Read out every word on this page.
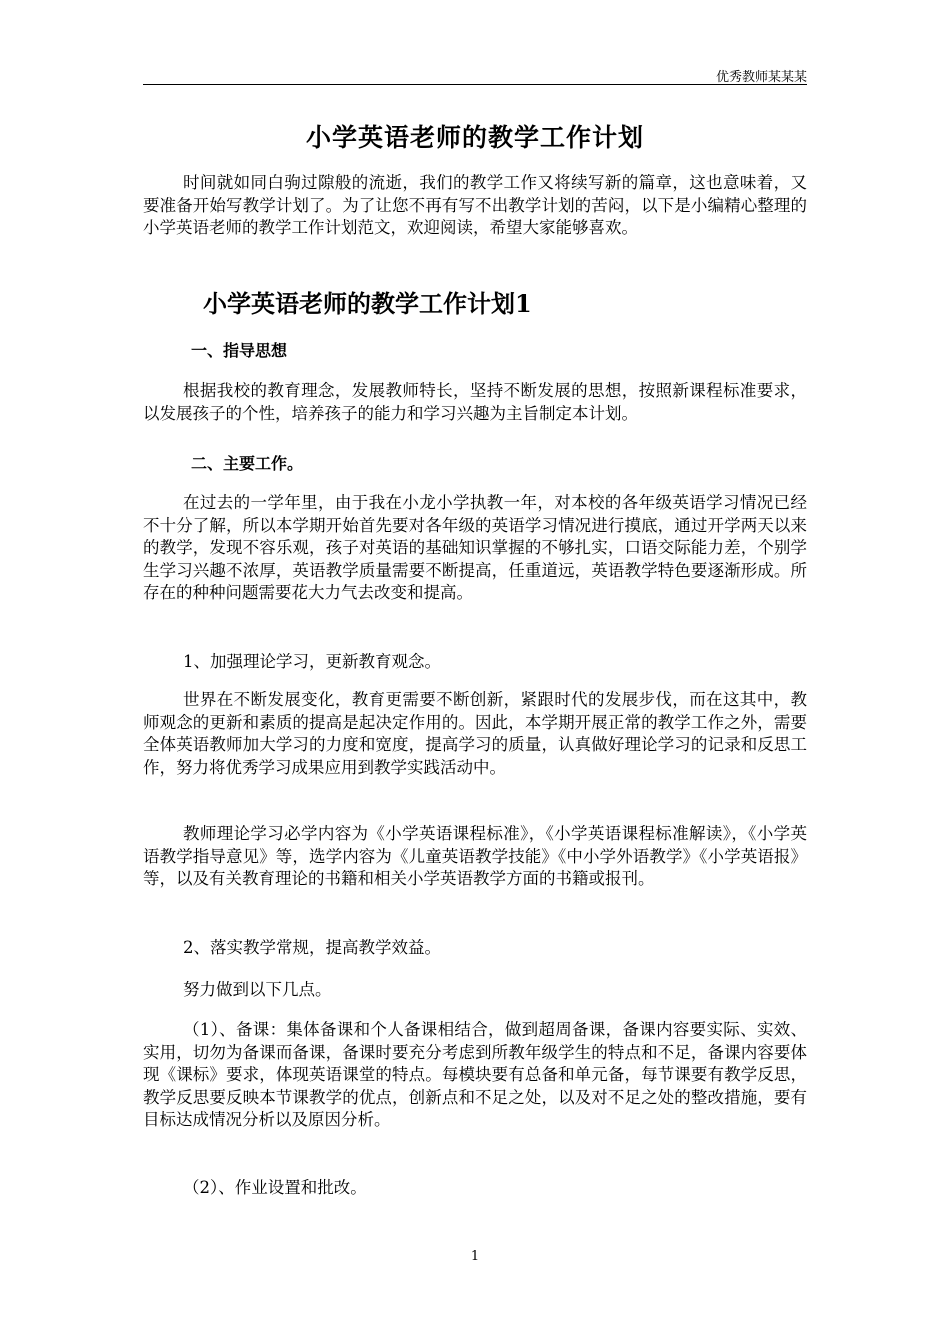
优秀教师某某某
小学英语老师的教学工作计划
时间就如同白驹过隙般的流逝，我们的教学工作又将续写新的篇章，这也意味着，又要准备开始写教学计划了。为了让您不再有写不出教学计划的苦闷，以下是小编精心整理的小学英语老师的教学工作计划范文，欢迎阅读，希望大家能够喜欢。
小学英语老师的教学工作计划1
一、指导思想
根据我校的教育理念，发展教师特长，坚持不断发展的思想，按照新课程标准要求，以发展孩子的个性，培养孩子的能力和学习兴趣为主旨制定本计划。
二、主要工作。
在过去的一学年里，由于我在小龙小学执教一年，对本校的各年级英语学习情况已经不十分了解，所以本学期开始首先要对各年级的英语学习情况进行摸底，通过开学两天以来的教学，发现不容乐观，孩子对英语的基础知识掌握的不够扎实，口语交际能力差，个别学生学习兴趣不浓厚，英语教学质量需要不断提高，任重道远，英语教学特色要逐渐形成。所存在的种种问题需要花大力气去改变和提高。
1、加强理论学习，更新教育观念。
世界在不断发展变化，教育更需要不断创新，紧跟时代的发展步伐，而在这其中，教师观念的更新和素质的提高是起决定作用的。因此，本学期开展正常的教学工作之外，需要全体英语教师加大学习的力度和宽度，提高学习的质量，认真做好理论学习的记录和反思工作，努力将优秀学习成果应用到教学实践活动中。
教师理论学习必学内容为《小学英语课程标准》，《小学英语课程标准解读》，《小学英语教学指导意见》等，选学内容为《儿童英语教学技能》《中小学外语教学》《小学英语报》等，以及有关教育理论的书籍和相关小学英语教学方面的书籍或报刊。
2、落实教学常规，提高教学效益。
努力做到以下几点。
（1）、备课：集体备课和个人备课相结合，做到超周备课，备课内容要实际、实效、实用，切勿为备课而备课，备课时要充分考虑到所教年级学生的特点和不足，备课内容要体现《课标》要求，体现英语课堂的特点。每模块要有总备和单元备，每节课要有教学反思，教学反思要反映本节课教学的优点，创新点和不足之处，以及对不足之处的整改措施，要有目标达成情况分析以及原因分析。
（2）、作业设置和批改。
1
